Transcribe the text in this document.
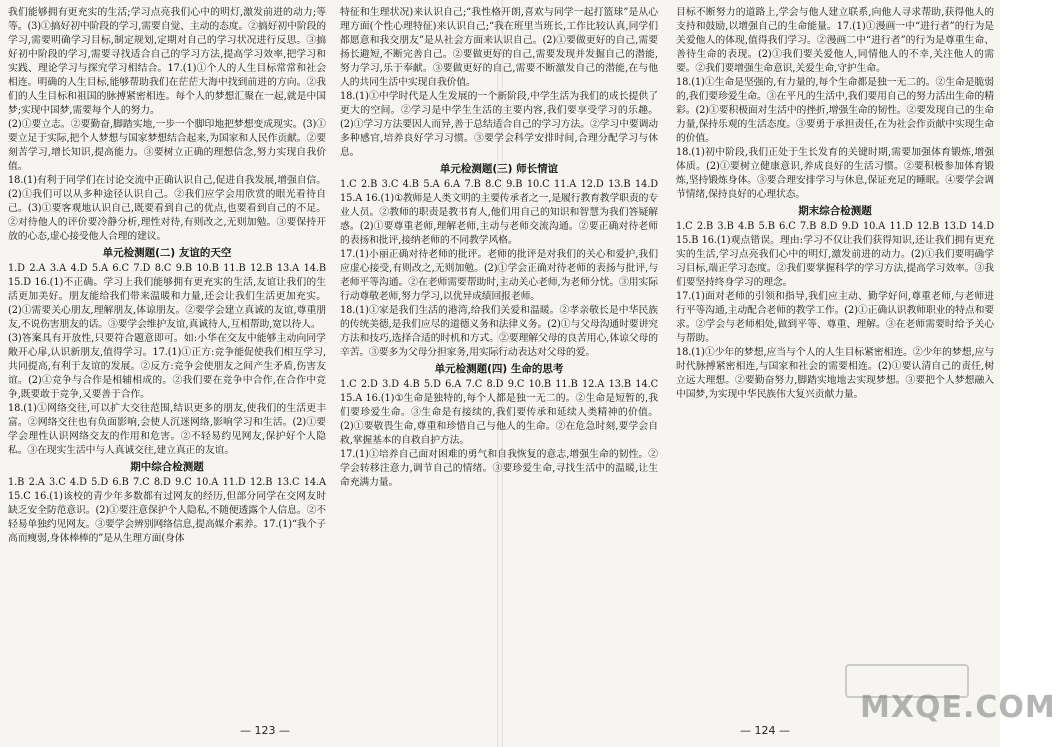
我们能够拥有更充实的生活;学习点亮我们心中的明灯,激发前进的动力;等等。(3)①搞好初中阶段的学习,需要自觉、主动的态度。②搞好初中阶段的学习,需要明确学习目标,制定规划,定期对自己的学习状况进行反思。③搞好初中阶段的学习,需要寻找适合自己的学习方法,提高学习效率,把学习和实践、理论学习与探究学习相结合。17.(1)①个人的人生目标常常和社会相连。明确的人生目标,能够帮助我们在茫茫大海中找到前进的方向。②我们的人生目标和祖国的脉搏紧密相连。每个人的梦想汇聚在一起,就是中国梦;实现中国梦,需要每个人的努力。

(2)①要立志。②要勤奋,脚踏实地,一步一个脚印地把梦想变成现实。(3)①要立足于实际,把个人梦想与国家梦想结合起来,为国家和人民作贡献。②要刻苦学习,增长知识,提高能力。③要树立正确的理想信念,努力实现自我价值。

18.(1)有利于同学们在讨论交流中正确认识自己,促进自我发展,增强自信。(2)①我们可以从多种途径认识自己。②我们应学会用欣赏的眼光看待自己。(3)①要客观地认识自己,既要看到自己的优点,也要看到自己的不足。②对待他人的评价要冷静分析,理性对待,有则改之,无则加勉。③要保持开放的心态,虚心接受他人合理的建议。

单元检测题(二) 友谊的天空

1.D 2.A 3.A 4.D 5.A 6.C 7.D 8.C 9.B 10.B 11.B 12.B 13.A 14.B 15.D 16.(1)不正确。学习上我们能够拥有更充实的生活,友谊让我们的生活更加美好。朋友能给我们带来温暖和力量,还会让我们生活更加充实。(2)①需要关心朋友,理解朋友,体谅朋友。②要学会建立真诚的友谊,尊重朋友,不说伤害朋友的话。③要学会维护友谊,真诚待人,互相帮助,宽以待人。

(3)答案具有开放性,只要符合题意即可。如:小华在交友中能够主动向同学敞开心扉,认识新朋友,值得学习。17.(1)①正方:竞争能促使我们相互学习,共同提高,有利于友谊的发展。②反方:竞争会使朋友之间产生矛盾,伤害友谊。(2)①竞争与合作是相辅相成的。②我们要在竞争中合作,在合作中竞争,既要敢于竞争,又要善于合作。

18.(1)①网络交往,可以扩大交往范围,结识更多的朋友,使我们的生活更丰富。②网络交往也有负面影响,会使人沉迷网络,影响学习和生活。(2)①要学会理性认识网络交友的作用和危害。②不轻易约见网友,保护好个人隐私。③在现实生活中与人真诚交往,建立真正的友谊。

期中综合检测题

1.B 2.A 3.C 4.D 5.D 6.B 7.C 8.D 9.C 10.A 11.D 12.B 13.C 14.A 15.C 16.(1)该校的青少年多数都有过网友的经历,但部分同学在交网友时缺乏安全防范意识。(2)①要注意保护个人隐私,不随便透露个人信息。②不轻易单独约见网友。③要学会辨别网络信息,提高媒介素养。17.(1)“我个子高而瘦弱,身体棒棒的”是从生理方面(身体

特征和生理状况)来认识自己;“我性格开朗,喜欢与同学一起打篮球”是从心理方面(个性心理特征)来认识自己;“我在班里当班长,工作比较认真,同学们都愿意和我交朋友”是从社会方面来认识自己。(2)①要做更好的自己,需要扬长避短,不断完善自己。②要做更好的自己,需要发现并发掘自己的潜能,努力学习,乐于奉献。③要做更好的自己,需要不断激发自己的潜能,在与他人的共同生活中实现自我价值。

18.(1)①中学时代是人生发展的一个新阶段,中学生活为我们的成长提供了更大的空间。②学习是中学生生活的主要内容,我们要享受学习的乐趣。(2)①学习方法要因人而异,善于总结适合自己的学习方法。②学习中要调动多种感官,培养良好学习习惯。③要学会科学安排时间,合理分配学习与休息。

单元检测题(三) 师长情谊

1.C 2.B 3.C 4.B 5.A 6.A 7.B 8.C 9.B 10.C 11.A 12.D 13.B 14.D 15.A 16.(1)①教师是人类文明的主要传承者之一,是履行教育教学职责的专业人员。②教师的职责是教书育人,他们用自己的知识和智慧为我们答疑解惑。(2)①要尊重老师,理解老师,主动与老师交流沟通。②要正确对待老师的表扬和批评,接纳老师的不同教学风格。

17.(1)小丽正确对待老师的批评。老师的批评是对我们的关心和爱护,我们应虚心接受,有则改之,无则加勉。(2)①学会正确对待老师的表扬与批评,与老师平等沟通。②在老师需要帮助时,主动关心老师,为老师分忧。③用实际行动尊敬老师,努力学习,以优异成绩回报老师。

18.(1)①家是我们生活的港湾,给我们关爱和温暖。②孝亲敬长是中华民族的传统美德,是我们应尽的道德义务和法律义务。(2)①与父母沟通时要讲究方法和技巧,选择合适的时机和方式。②要理解父母的良苦用心,体谅父母的辛苦。③要多为父母分担家务,用实际行动表达对父母的爱。

单元检测题(四) 生命的思考

1.C 2.D 3.D 4.B 5.D 6.A 7.C 8.D 9.C 10.B 11.B 12.A 13.B 14.C 15.A 16.(1)①生命是独特的,每个人都是独一无二的。②生命是短暂的,我们要珍爱生命。③生命是有接续的,我们要传承和延续人类精神的价值。(2)①要敬畏生命,尊重和珍惜自己与他人的生命。②在危急时刻,要学会自救,掌握基本的自救自护方法。

17.(1)①培养自己面对困难的勇气和自我恢复的意志,增强生命的韧性。②学会转移注意力,调节自己的情绪。③要珍爱生命,寻找生活中的温暖,让生命充满力量。

目标不断努力的道路上,学会与他人建立联系,向他人寻求帮助,获得他人的支持和鼓励,以增强自己的生命能量。17.(1)①漫画一中“进行者”的行为是关爱他人的体现,值得我们学习。②漫画二中“进行者”的行为是尊重生命、善待生命的表现。(2)①我们要关爱他人,同情他人的不幸,关注他人的需要。②我们要增强生命意识,关爱生命,守护生命。

18.(1)①生命是坚强的,有力量的,每个生命都是独一无二的。②生命是脆弱的,我们要珍爱生命。③在平凡的生活中,我们要用自己的努力活出生命的精彩。(2)①要积极面对生活中的挫折,增强生命的韧性。②要发现自己的生命力量,保持乐观的生活态度。③要勇于承担责任,在为社会作贡献中实现生命的价值。

18.(1)初中阶段,我们正处于生长发育的关键时期,需要加强体育锻炼,增强体质。(2)①要树立健康意识,养成良好的生活习惯。②要积极参加体育锻炼,坚持锻炼身体。③要合理安排学习与休息,保证充足的睡眠。④要学会调节情绪,保持良好的心理状态。

期末综合检测题

1.C 2.B 3.B 4.B 5.B 6.C 7.B 8.D 9.D 10.A 11.D 12.B 13.D 14.D 15.B 16.(1)观点错误。理由:学习不仅让我们获得知识,还让我们拥有更充实的生活,学习点亮我们心中的明灯,激发前进的动力。(2)①我们要明确学习目标,端正学习态度。②我们要掌握科学的学习方法,提高学习效率。③我们要坚持终身学习的理念。

17.(1)面对老师的引领和指导,我们应主动、勤学好问,尊重老师,与老师进行平等沟通,主动配合老师的教学工作。(2)①正确认识教师职业的特点和要求。②学会与老师相处,做到平等、尊重、理解。③在老师需要时给予关心与帮助。

18.(1)①少年的梦想,应当与个人的人生目标紧密相连。②少年的梦想,应与时代脉搏紧密相连,与国家和社会的需要相连。(2)①要认清自己的责任,树立远大理想。②要勤奋努力,脚踏实地地去实现梦想。③要把个人梦想融入中国梦,为实现中华民族伟大复兴贡献力量。

— 123 —	— 124 —
MXQE.COM
